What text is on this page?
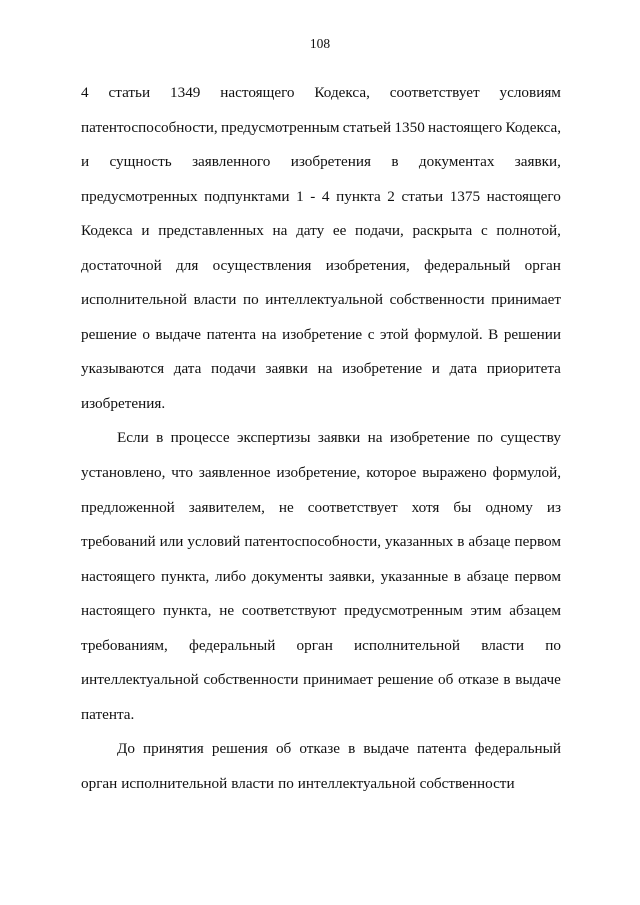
108
4 статьи 1349 настоящего Кодекса, соответствует условиям
патентоспособности, предусмотренным статьей 1350 настоящего Кодекса,
и сущность заявленного изобретения в документах заявки,
предусмотренных подпунктами 1 - 4 пункта 2 статьи 1375 настоящего
Кодекса и представленных на дату ее подачи, раскрыта с полнотой,
достаточной для осуществления изобретения, федеральный орган
исполнительной власти по интеллектуальной собственности принимает
решение о выдаче патента на изобретение с этой формулой. В решении
указываются дата подачи заявки на изобретение и дата приоритета
изобретения.
Если в процессе экспертизы заявки на изобретение по существу
установлено, что заявленное изобретение, которое выражено формулой,
предложенной заявителем, не соответствует хотя бы одному из
требований или условий патентоспособности, указанных в абзаце первом
настоящего пункта, либо документы заявки, указанные в абзаце первом
настоящего пункта, не соответствуют предусмотренным этим абзацем
требованиям, федеральный орган исполнительной власти по
интеллектуальной собственности принимает решение об отказе в выдаче
патента.
До принятия решения об отказе в выдаче патента федеральный
орган исполнительной власти по интеллектуальной собственности
